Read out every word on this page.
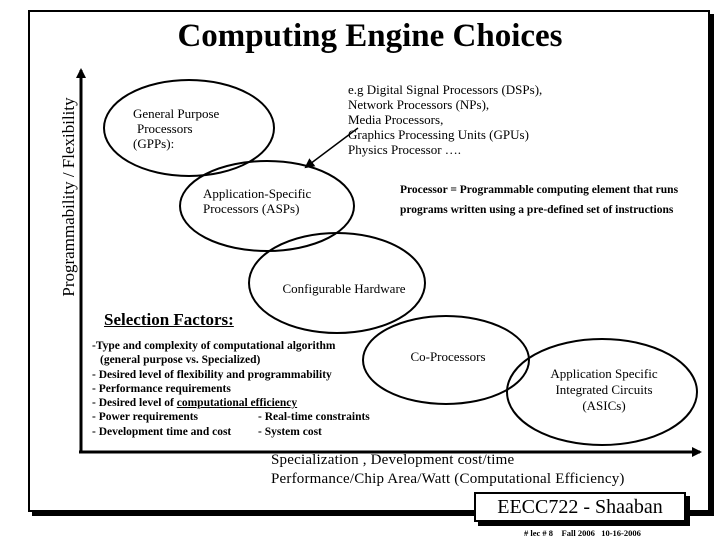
Computing Engine Choices
Programmability / Flexibility	General Purpose
Processors
(GPPs):
e.g Digital Signal Processors (DSPs),
Network Processors (NPs),
Media Processors,
Graphics Processing Units (GPUs)
Physics Processor ….
Application-Specific
Processors (ASPs)
Processor = Programmable computing element that runs
programs written using a pre-defined set of instructions
Configurable Hardware
Selection Factors:
-Type and complexity of computational algorithm
(general purpose vs. Specialized)
- Desired level of flexibility and programmability
- Performance requirements
- Desired level of computational efficiency
- Power requirements	- Real-time constraints
- Development time and cost - System cost
Co-Processors
Application Specific
Integrated Circuits
(ASICs)
Specialization , Development cost/time
Performance/Chip Area/Watt (Computational Efficiency)
EECC722 - Shaaban
# lec # 8 Fall 2006 10-16-2006
